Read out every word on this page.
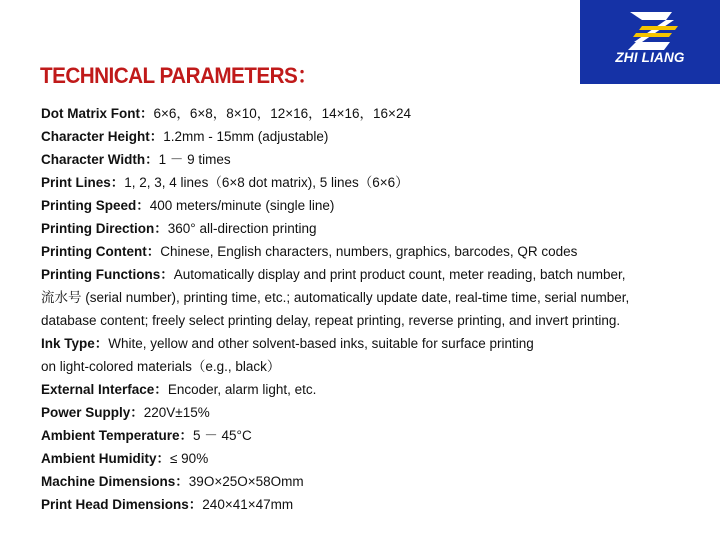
ZHI LIANG
TECHNICAL PARAMETERS：
Dot Matrix Font：6×6，6×8，8×10，12×16，14×16，16×24
Character Height：1.2mm - 15mm (adjustable)
Character Width：1 － 9 times
Print Lines：1, 2, 3, 4 lines（6×8 dot matrix), 5 lines（6×6）
Printing Speed：400 meters/minute (single line)
Printing Direction：360° all-direction printing
Printing Content：Chinese, English characters, numbers, graphics, barcodes, QR codes
Printing Functions：Automatically display and print product count, meter reading, batch number,
流水号 (serial number), printing time, etc.; automatically update date, real-time time, serial number,
database content; freely select printing delay, repeat printing, reverse printing, and invert printing.
Ink Type：White, yellow and other solvent-based inks, suitable for surface printing
on light-colored materials（e.g., black）
External Interface：Encoder, alarm light, etc.
Power Supply：220V±15%
Ambient Temperature：5 － 45°C
Ambient Humidity：≤ 90%
Machine Dimensions：39O×25O×58Omm
Print Head Dimensions：240×41×47mm
